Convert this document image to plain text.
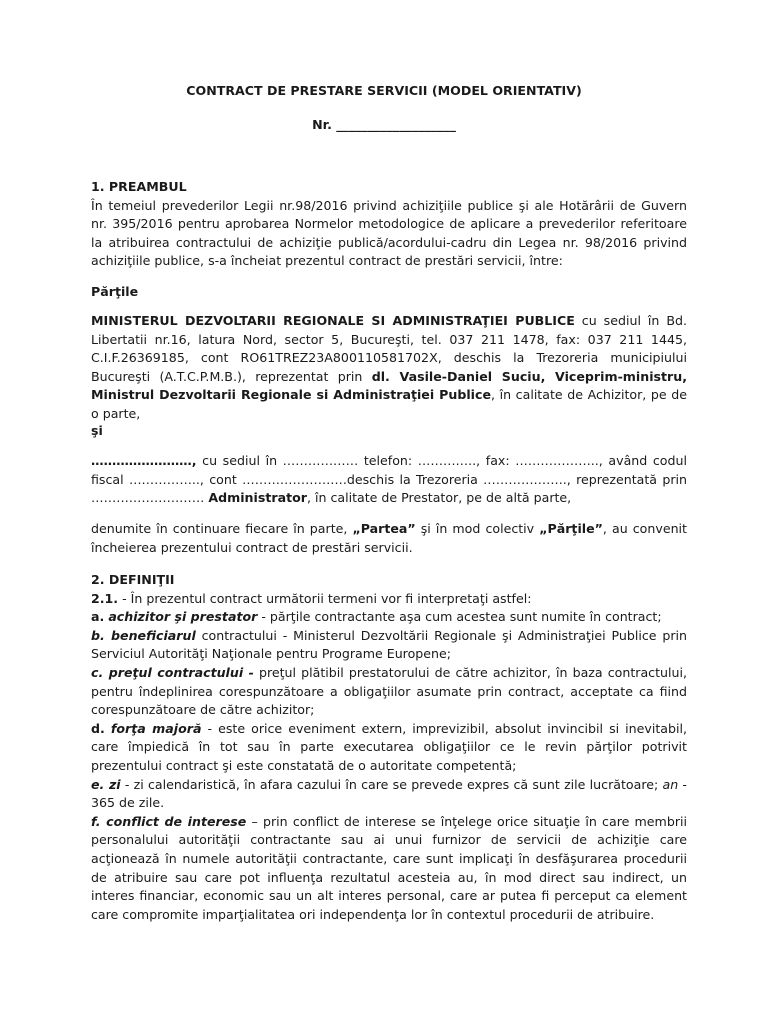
CONTRACT DE PRESTARE SERVICII (MODEL ORIENTATIV)
Nr. ___________________

1. PREAMBUL

În temeiul prevederilor Legii nr.98/2016 privind achiziţiile publice şi ale Hotărârii de Guvern nr. 395/2016 pentru aprobarea Normelor metodologice de aplicare a prevederilor referitoare la atribuirea contractului de achiziţie publică/acordului-cadru din Legea nr. 98/2016 privind achiziţiile publice, s-a încheiat prezentul contract de prestări servicii, între:

Părţile

MINISTERUL DEZVOLTARII REGIONALE SI ADMINISTRAŢIEI PUBLICE cu sediul în Bd. Libertatii nr.16, latura Nord, sector 5, Bucureşti, tel. 037 211 1478, fax: 037 211 1445, C.I.F.26369185, cont RO61TREZ23A800110581702X, deschis la Trezoreria municipiului Bucureşti (A.T.C.P.M.B.), reprezentat prin dl. Vasile-Daniel Suciu, Viceprim-ministru, Ministrul Dezvoltarii Regionale si Administraţiei Publice, în calitate de Achizitor, pe de o parte,

şi

……………………, cu sediul în ……………… telefon: ………….., fax: ……………….., având codul fiscal …………….., cont …………………….deschis la Trezoreria ……………….., reprezentată prin ……………………… Administrator, în calitate de Prestator, pe de altă parte,

denumite în continuare fiecare în parte, „Partea” şi în mod colectiv „Părţile”, au convenit încheierea prezentului contract de prestări servicii.

2. DEFINIŢII

2.1. - În prezentul contract următorii termeni vor fi interpretaţi astfel:

a. achizitor şi prestator - părţile contractante aşa cum acestea sunt numite în contract;

b. beneficiarul contractului - Ministerul Dezvoltării Regionale şi Administraţiei Publice prin Serviciul Autorităţi Naţionale pentru Programe Europene;

c. preţul contractului - preţul plătibil prestatorului de către achizitor, în baza contractului, pentru îndeplinirea corespunzătoare a obligaţiilor asumate prin contract, acceptate ca fiind corespunzătoare de către achizitor;

d. forţa majoră - este orice eveniment extern, imprevizibil, absolut invincibil si inevitabil, care împiedică în tot sau în parte executarea obligaţiilor ce le revin părţilor potrivit prezentului contract şi este constatată de o autoritate competentă;

e. zi - zi calendaristică, în afara cazului în care se prevede expres că sunt zile lucrătoare; an - 365 de zile.

f. conflict de interese – prin conflict de interese se înţelege orice situaţie în care membrii personalului autorităţii contractante sau ai unui furnizor de servicii de achiziţie care acţionează în numele autorităţii contractante, care sunt implicaţi în desfăşurarea procedurii de atribuire sau care pot influenţa rezultatul acesteia au, în mod direct sau indirect, un interes financiar, economic sau un alt interes personal, care ar putea fi perceput ca element care compromite imparţialitatea ori independenţa lor în contextul procedurii de atribuire.
